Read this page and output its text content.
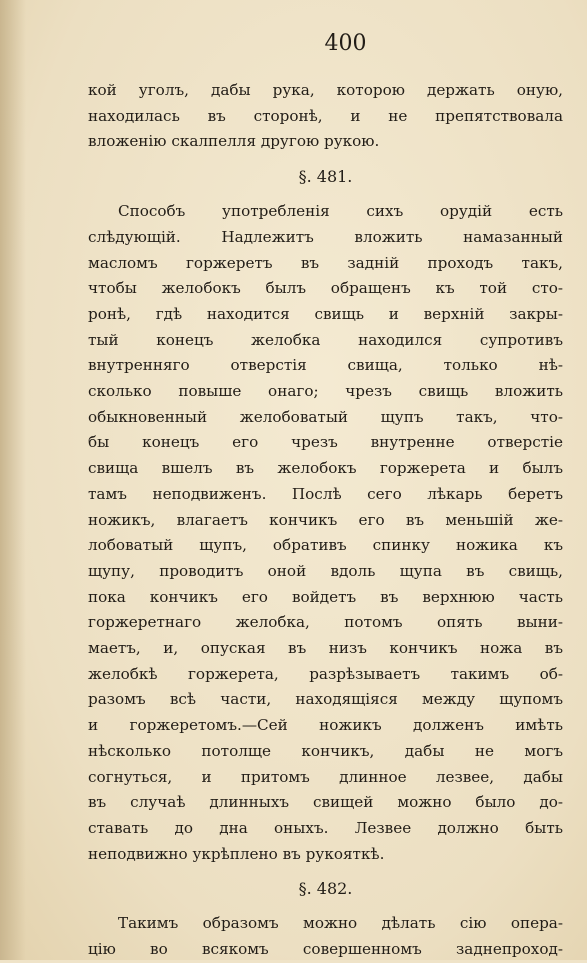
400
кой уголъ, дабы рука, которою держать оную,
находилась въ сторонѣ, и не препятствовала
вложенію скалпелля другою рукою.
§. 481.
Способъ употребленія сихъ орудій есть
слѣдующій. Надлежитъ вложить намазанный
масломъ горжеретъ въ задній проходъ такъ,
чтобы желобокъ былъ обращенъ къ той сто-
ронѣ, гдѣ находится свищь и верхній закры-
тый конецъ желобка находился супротивъ
внутренняго отверстія свища, только нѣ-
сколько повыше онаго; чрезъ свищь вложить
обыкновенный желобоватый щупъ такъ, что-
бы конецъ его чрезъ внутренне отверстіе
свища вшелъ въ желобокъ горжерета и былъ
тамъ неподвиженъ. Послѣ сего лѣкарь беретъ
ножикъ, влагаетъ кончикъ его въ меньшій же-
лобоватый щупъ, обративъ спинку ножика къ
щупу, проводитъ оной вдоль щупа въ свищь,
пока кончикъ его войдетъ въ верхнюю часть
горжеретнаго желобка, потомъ опять выни-
маетъ, и, опуская въ низъ кончикъ ножа въ
желобкѣ горжерета, разрѣзываетъ такимъ об-
разомъ всѣ части, находящіяся между щупомъ
и горжеретомъ.—Сей ножикъ долженъ имѣть
нѣсколько потолще кончикъ, дабы не могъ
согнуться, и притомъ длинное лезвее, дабы
въ случаѣ длинныхъ свищей можно было до-
ставать до дна оныхъ. Лезвее должно быть
неподвижно укрѣплено въ рукояткѣ.
§. 482.
Такимъ образомъ можно дѣлать сію опера-
цію во всякомъ совершенномъ заднепроход-
